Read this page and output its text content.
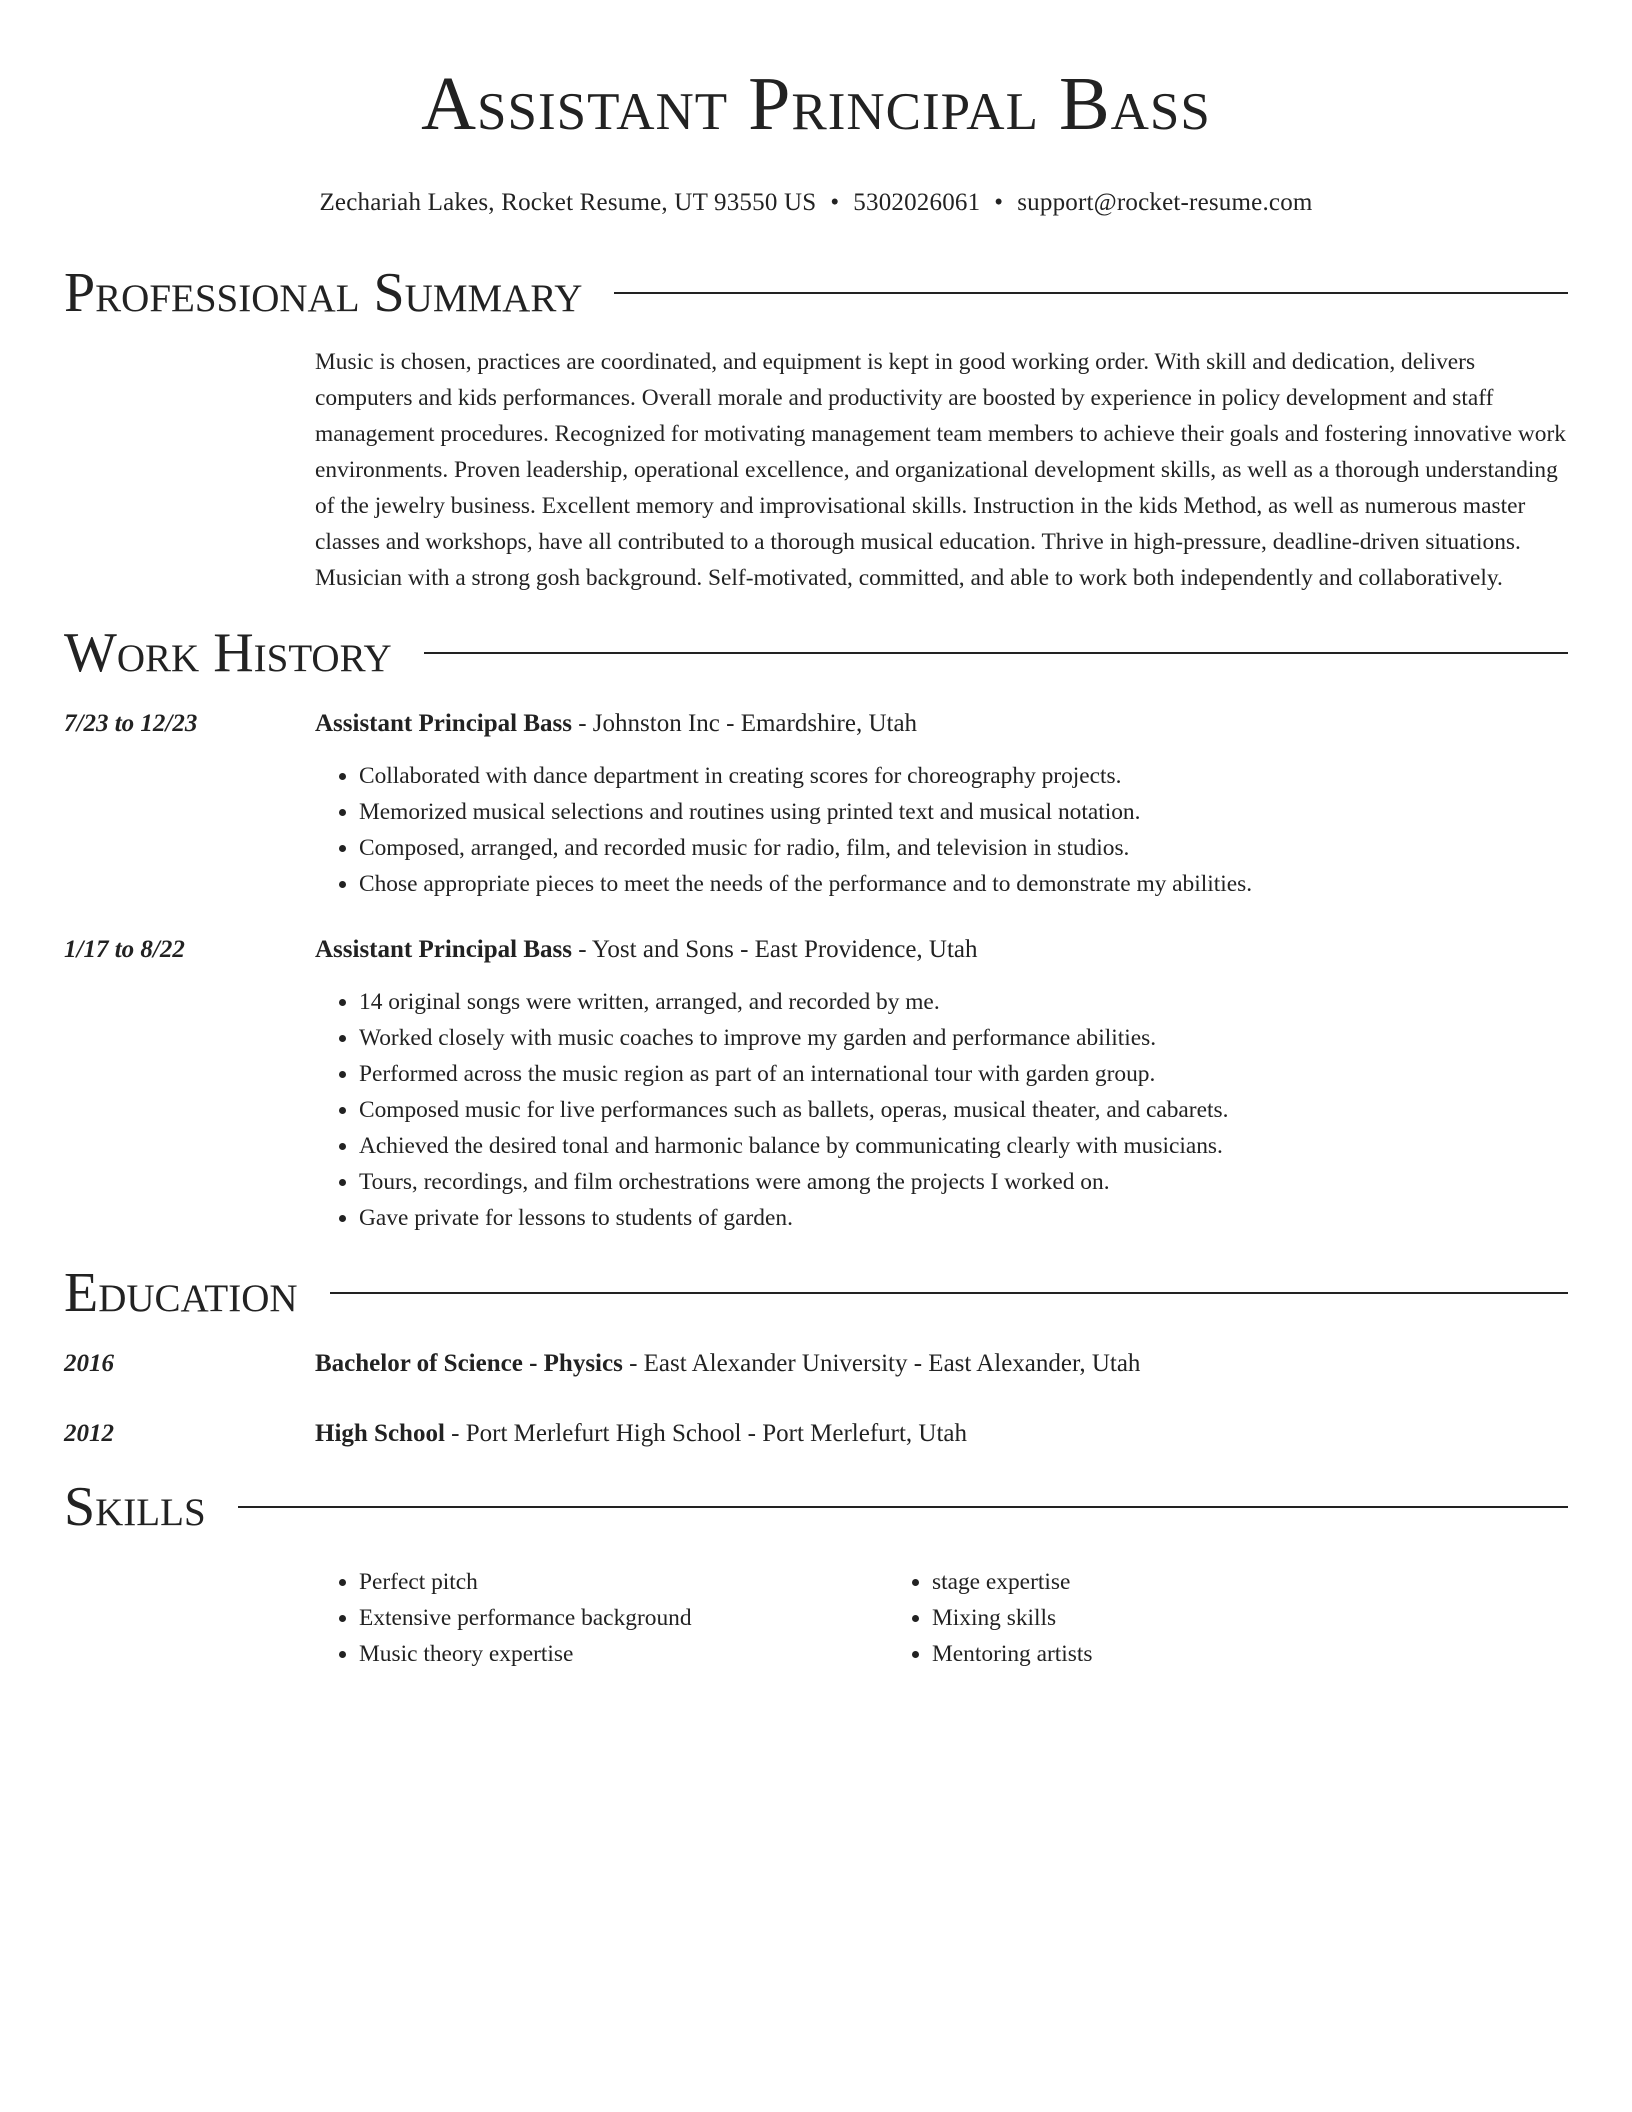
Assistant Principal Bass
Zechariah Lakes, Rocket Resume, UT 93550 US • 5302026061 • support@rocket-resume.com
Professional Summary
Music is chosen, practices are coordinated, and equipment is kept in good working order. With skill and dedication, delivers computers and kids performances. Overall morale and productivity are boosted by experience in policy development and staff management procedures. Recognized for motivating management team members to achieve their goals and fostering innovative work environments. Proven leadership, operational excellence, and organizational development skills, as well as a thorough understanding of the jewelry business. Excellent memory and improvisational skills. Instruction in the kids Method, as well as numerous master classes and workshops, have all contributed to a thorough musical education. Thrive in high-pressure, deadline-driven situations. Musician with a strong gosh background. Self-motivated, committed, and able to work both independently and collaboratively.
Work History
7/23 to 12/23	Assistant Principal Bass - Johnston Inc - Emardshire, Utah
• Collaborated with dance department in creating scores for choreography projects.
• Memorized musical selections and routines using printed text and musical notation.
• Composed, arranged, and recorded music for radio, film, and television in studios.
• Chose appropriate pieces to meet the needs of the performance and to demonstrate my abilities.
1/17 to 8/22	Assistant Principal Bass - Yost and Sons - East Providence, Utah
• 14 original songs were written, arranged, and recorded by me.
• Worked closely with music coaches to improve my garden and performance abilities.
• Performed across the music region as part of an international tour with garden group.
• Composed music for live performances such as ballets, operas, musical theater, and cabarets.
• Achieved the desired tonal and harmonic balance by communicating clearly with musicians.
• Tours, recordings, and film orchestrations were among the projects I worked on.
• Gave private for lessons to students of garden.
Education
2016	Bachelor of Science - Physics - East Alexander University - East Alexander, Utah
2012	High School - Port Merlefurt High School - Port Merlefurt, Utah
Skills
• Perfect pitch
• Extensive performance background
• Music theory expertise
• stage expertise
• Mixing skills
• Mentoring artists
